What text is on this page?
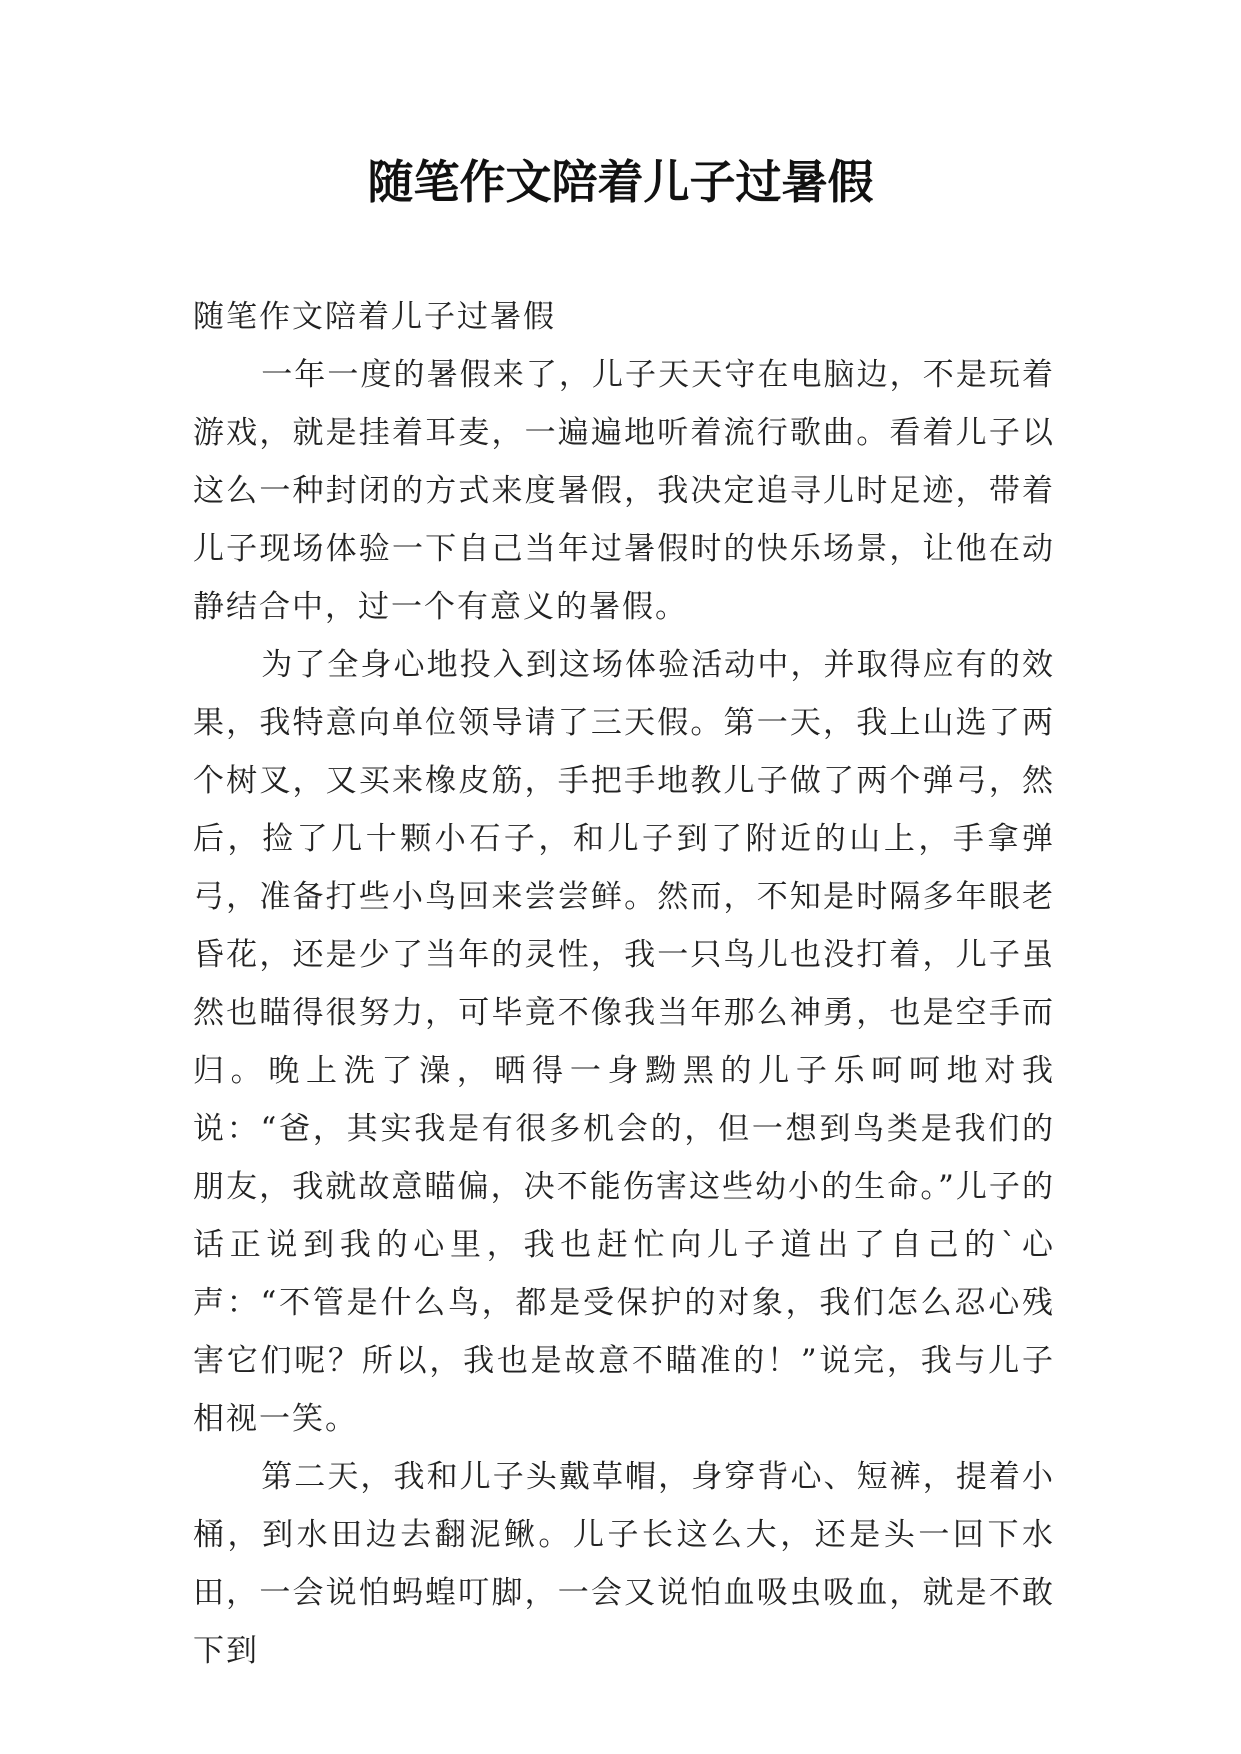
随笔作文陪着儿子过暑假

随笔作文陪着儿子过暑假

一年一度的暑假来了，儿子天天守在电脑边，不是玩着游戏，就是挂着耳麦，一遍遍地听着流行歌曲。看着儿子以这么一种封闭的方式来度暑假，我决定追寻儿时足迹，带着儿子现场体验一下自己当年过暑假时的快乐场景，让他在动静结合中，过一个有意义的暑假。

为了全身心地投入到这场体验活动中，并取得应有的效果，我特意向单位领导请了三天假。第一天，我上山选了两个树叉，又买来橡皮筋，手把手地教儿子做了两个弹弓，然后，捡了几十颗小石子，和儿子到了附近的山上，手拿弹弓，准备打些小鸟回来尝尝鲜。然而，不知是时隔多年眼老昏花，还是少了当年的灵性，我一只鸟儿也没打着，儿子虽然也瞄得很努力，可毕竟不像我当年那么神勇，也是空手而归。晚上洗了澡，晒得一身黝黑的儿子乐呵呵地对我说：“爸，其实我是有很多机会的，但一想到鸟类是我们的朋友，我就故意瞄偏，决不能伤害这些幼小的生命。”儿子的话正说到我的心里，我也赶忙向儿子道出了自己的`心声：“不管是什么鸟，都是受保护的对象，我们怎么忍心残害它们呢？所以，我也是故意不瞄准的！”说完，我与儿子相视一笑。

第二天，我和儿子头戴草帽，身穿背心、短裤，提着小桶，到水田边去翻泥鳅。儿子长这么大，还是头一回下水田，一会说怕蚂蝗叮脚，一会又说怕血吸虫吸血，就是不敢下到
